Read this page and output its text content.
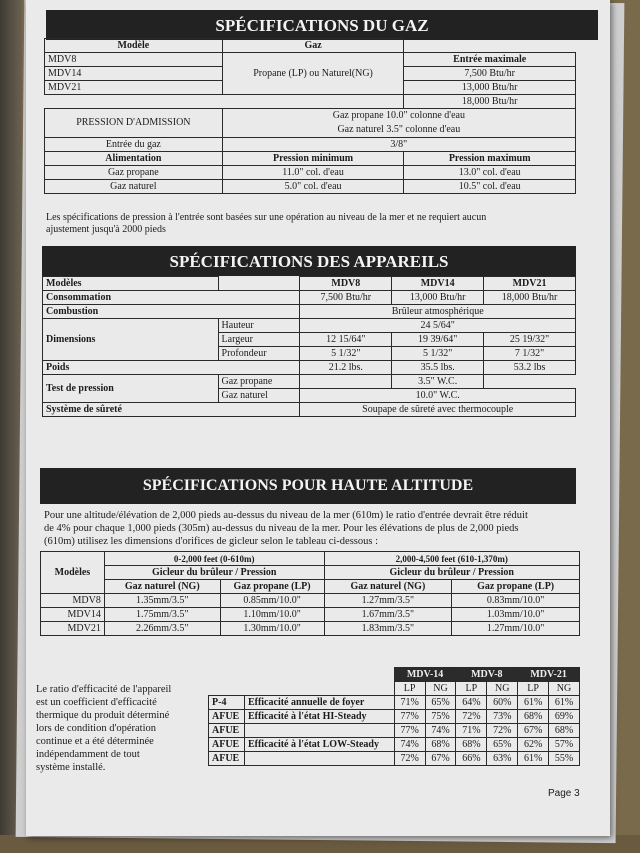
SPÉCIFICATIONS DU GAZ
Modèle	Gaz	
MDV8	Propane (LP) ou Naturel(NG)	Entrée maximale
MDV14		7,500 Btu/hr
MDV21		13,000 Btu/hr
		18,000 Btu/hr
PRESSION D'ADMISSION	Gaz propane 10.0" colonne d'eau	
	Gaz naturel 3.5" colonne d'eau	
Entrée du gaz	3/8"	
Alimentation	Pression minimum	Pression maximum
Gaz propane	11.0" col. d'eau	13.0" col. d'eau
Gaz naturel	5.0" col. d'eau	10.5" col. d'eau
Les spécifications de pression à l'entrée sont basées sur une opération au niveau de la mer et ne requiert aucun
ajustement jusqu'à 2000 pieds
SPÉCIFICATIONS DES APPAREILS
Modèles		MDV8	MDV14	MDV21
Consommation		7,500 Btu/hr	13,000 Btu/hr	18,000 Btu/hr
Combustion		Brûleur atmosphérique		
Dimensions	Hauteur	24 5/64"		
	Largeur	12 15/64"	19 39/64"	25 19/32"
	Profondeur	5 1/32"	5 1/32"	7 1/32"
Poids		21.2 lbs.	35.5 lbs.	53.2 lbs
Test de pression	Gaz propane		3.5" W.C.	
	Gaz naturel	10.0" W.C.		
Système de sûreté		Soupape de sûreté avec thermocouple		
SPÉCIFICATIONS POUR HAUTE ALTITUDE
Pour une altitude/élévation de 2,000 pieds au-dessus du niveau de la mer (610m) le ratio d'entrée devrait être réduit
de 4% pour chaque 1,000 pieds (305m) au-dessus du niveau de la mer. Pour les élévations de plus de 2,000 pieds
(610m) utilisez les dimensions d'orifices de gicleur selon le tableau ci-dessous :
Modèles	0-2,000 feet (0-610m)		2,000-4,500 feet (610-1,370m)	
	Gicleur du brûleur / Pression		Gicleur du brûleur / Pression	
	Gaz naturel (NG)	Gaz propane (LP)	Gaz naturel (NG)	Gaz propane (LP)
MDV8	1.35mm/3.5"	0.85mm/10.0"	1.27mm/3.5"	0.83mm/10.0"
MDV14	1.75mm/3.5"	1.10mm/10.0"	1.67mm/3.5"	1.03mm/10.0"
MDV21	2.26mm/3.5"	1.30mm/10.0"	1.83mm/3.5"	1.27mm/10.0"
Le ratio d'efficacité de l'appareil
est un coefficient d'efficacité
thermique du produit déterminé
lors de condition d'opération
continue et a été déterminée
indépendamment de tout
système installé.
		MDV-14		MDV-8		MDV-21	
		LP	NG	LP	NG	LP	NG
P-4	Efficacité annuelle de foyer	71%	65%	64%	60%	61%	61%
AFUE	Efficacité à l'état HI-Steady	77%	75%	72%	73%	68%	69%
AFUE		77%	74%	71%	72%	67%	68%
AFUE	Efficacité à l'état LOW-Steady	74%	68%	68%	65%	62%	57%
AFUE		72%	67%	66%	63%	61%	55%
Page 3
